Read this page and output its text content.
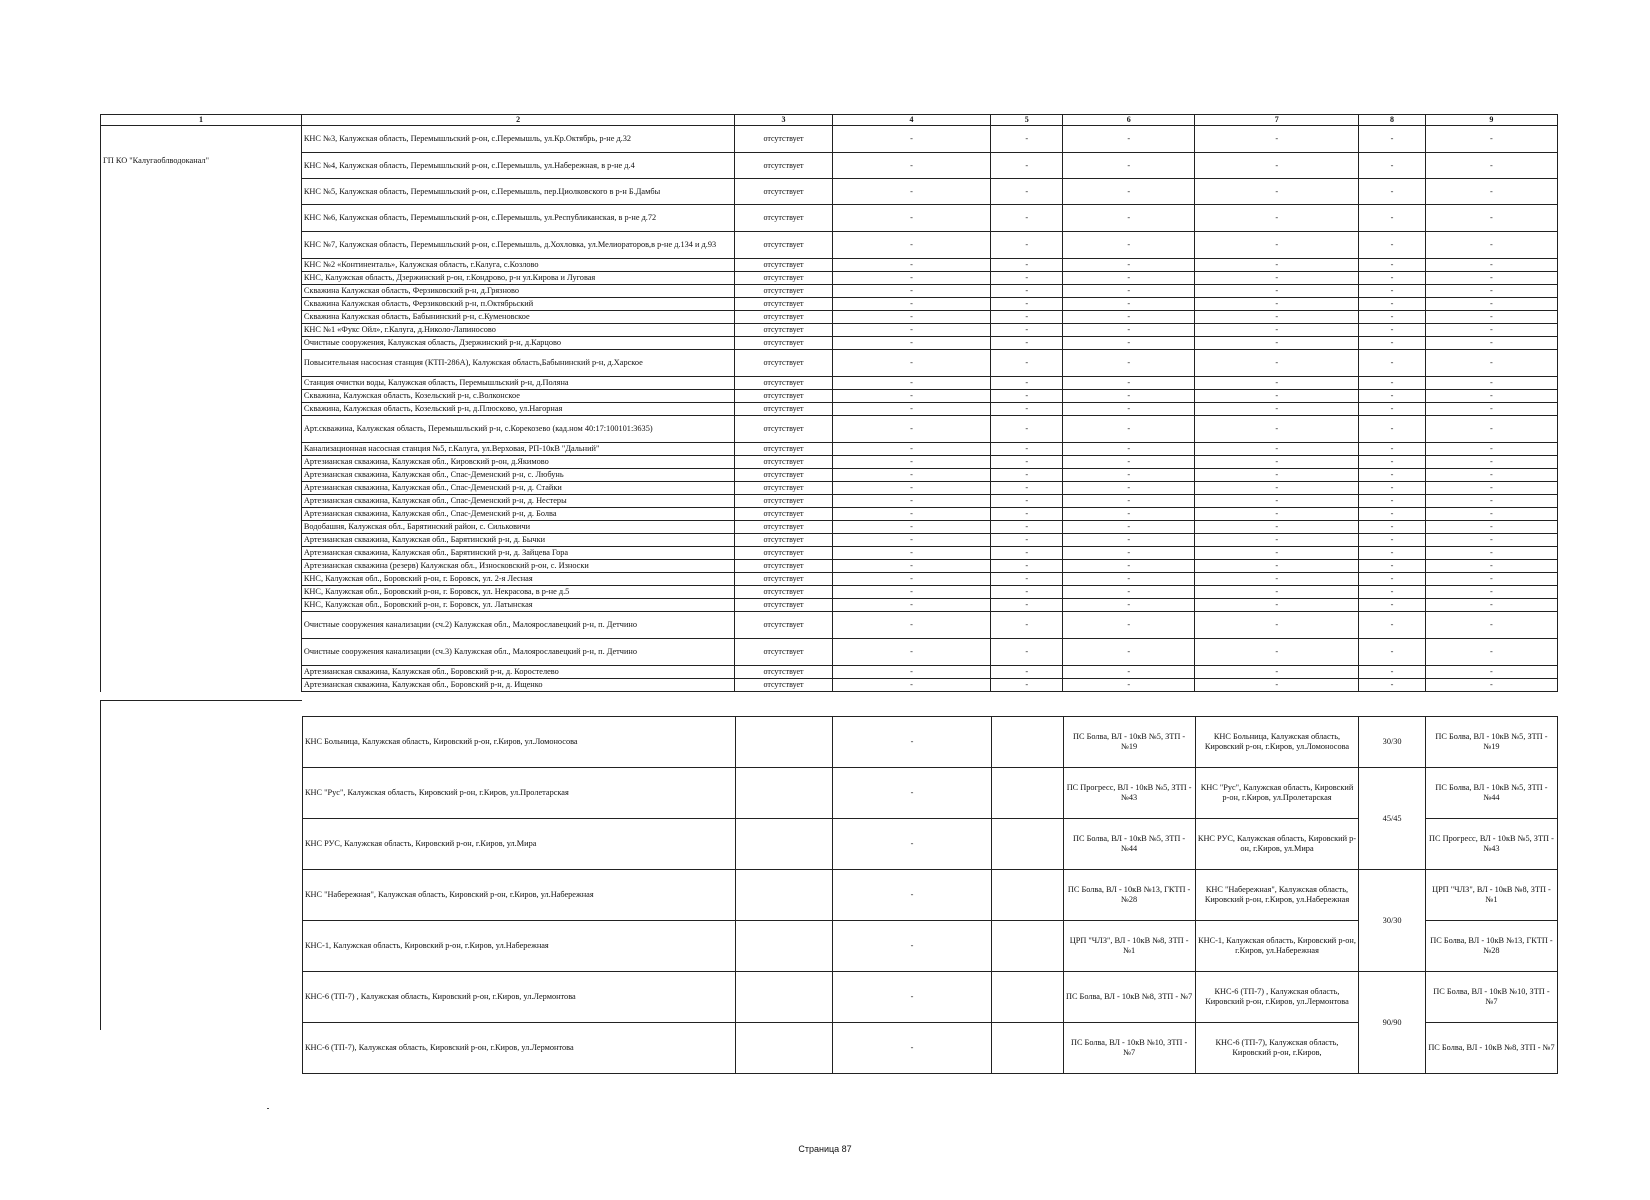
1	2	3	4	5	6	7	8	9

ГП КО "Калугаоблводоканал"	КНС №3, Калужская область, Перемышльский р-он, с.Перемышль, ул.Кр.Октябрь, р-не д.32	отсутствует	-	-	-	-	-	-
	КНС №4, Калужская область, Перемышльский р-он, с.Перемышль, ул.Набережная, в р-не д.4	отсутствует	-	-	-	-	-	-
	КНС №5, Калужская область, Перемышльский р-он, с.Перемышль, пер.Циолковского в р-н Б.Дамбы	отсутствует	-	-	-	-	-	-
	КНС №6, Калужская область, Перемышльский р-он, с.Перемышль, ул.Республиканская, в р-не д.72	отсутствует	-	-	-	-	-	-
	КНС №7, Калужская область, Перемышльский р-он, с.Перемышль, д.Хохловка, ул.Мелиораторов,в р-не д.134 и д.93	отсутствует	-	-	-	-	-	-
	КНС №2 «Континенталь», Калужская область, г.Калуга, с.Козлово	отсутствует	-	-	-	-	-	-
	КНС, Калужская область, Дзержинский р-он, г.Кондрово, р-н ул.Кирова и Луговая	отсутствует	-	-	-	-	-	-
	Скважина Калужская область, Ферзиковский р-н, д.Грязново	отсутствует	-	-	-	-	-	-
	Скважина Калужская область, Ферзиковский р-н, п.Октябрьский	отсутствует	-	-	-	-	-	-
	Скважина Калужская область, Бабынинский р-н, с.Куменовское	отсутствует	-	-	-	-	-	-
	КНС №1 «Фукс Ойл», г.Калуга, д.Николо-Лапиносово	отсутствует	-	-	-	-	-	-
	Очистные сооружения, Калужская область, Дзержинский р-н, д.Карцово	отсутствует	-	-	-	-	-	-
	Повысительная насосная станция (КТП-286А), Калужская область,Бабынинский р-н, д.Харское	отсутствует	-	-	-	-	-	-
	Станция очистки воды, Калужская область, Перемышльский р-н, д.Поляна	отсутствует	-	-	-	-	-	-
	Скважина, Калужская область, Козельский р-н, с.Волконское	отсутствует	-	-	-	-	-	-
	Скважина, Калужская область, Козельский р-н, д.Плюсково, ул.Нагорная	отсутствует	-	-	-	-	-	-
	Арт.скважина, Калужская область, Перемышльский р-н, с.Корекозево (кад.ном 40:17:100101:3635)	отсутствует	-	-	-	-	-	-
	Канализационная насосная станция №5, г.Калуга, ул.Верховая, РП-10кВ "Дальний"	отсутствует	-	-	-	-	-	-
	Артезианская скважина, Калужская обл., Кировский р-он, д.Якимово	отсутствует	-	-	-	-	-	-
	Артезианская скважина, Калужская обл., Спас-Деменский р-н, с. Любунь	отсутствует	-	-	-	-	-	-
	Артезианская скважина, Калужская обл., Спас-Деменский р-н, д. Стайки	отсутствует	-	-	-	-	-	-
	Артезианская скважина, Калужская обл., Спас-Деменский р-н, д. Нестеры	отсутствует	-	-	-	-	-	-
	Артезианская скважина, Калужская обл., Спас-Деменский р-н, д. Болва	отсутствует	-	-	-	-	-	-
	Водобашня, Калужская обл., Барятинский район, с. Сильковичи	отсутствует	-	-	-	-	-	-
	Артезианская скважина, Калужская обл., Барятинский р-н, д. Бычки	отсутствует	-	-	-	-	-	-
	Артезианская скважина, Калужская обл., Барятинский р-н, д. Зайцева Гора	отсутствует	-	-	-	-	-	-
	Артезианская скважина (резерв) Калужская обл., Износковский р-он, с. Износки	отсутствует	-	-	-	-	-	-
	КНС, Калужская обл., Боровский р-он, г. Боровск, ул. 2-я Лесная	отсутствует	-	-	-	-	-	-
	КНС, Калужская обл., Боровский р-он, г. Боровск, ул. Некрасова, в р-не д.5	отсутствует	-	-	-	-	-	-
	КНС, Калужская обл., Боровский р-он, г. Боровск, ул. Латынская	отсутствует	-	-	-	-	-	-
	Очистные сооружения канализации (сч.2) Калужская обл., Малоярославецкий р-н, п. Детчино	отсутствует	-	-	-	-	-	-
	Очистные сооружения канализации (сч.3) Калужская обл., Малоярославецкий р-н, п. Детчино	отсутствует	-	-	-	-	-	-
	Артезианская скважина, Калужская обл., Боровский р-н, д. Коростелево	отсутствует	-	-	-	-	-	-
	Артезианская скважина, Калужская обл., Боровский р-н, д. Ищенко	отсутствует	-	-	-	-	-	-
КНС Больница, Калужская область, Кировский р-он, г.Киров, ул.Ломоносова		-		ПС Болва, ВЛ - 10кВ №5, ЗТП - №19	КНС Больница, Калужская область, Кировский р-он, г.Киров, ул.Ломоносова	30/30	ПС Болва, ВЛ - 10кВ №5, ЗТП - №19
КНС "Рус", Калужская область, Кировский р-он, г.Киров, ул.Пролетарская		-		ПС Прогресс, ВЛ - 10кВ №5, ЗТП - №43	КНС "Рус", Калужская область, Кировский р-он, г.Киров, ул.Пролетарская	45/45	ПС Болва, ВЛ - 10кВ №5, ЗТП - №44
КНС РУС, Калужская область, Кировский р-он, г.Киров, ул.Мира		-		ПС Болва, ВЛ - 10кВ №5, ЗТП - №44	КНС РУС, Калужская область, Кировский р-он, г.Киров, ул.Мира		ПС Прогресс, ВЛ - 10кВ №5, ЗТП - №43
КНС "Набережная", Калужская область, Кировский р-он, г.Киров, ул.Набережная		-		ПС Болва, ВЛ - 10кВ №13, ГКТП - №28	КНС "Набережная", Калужская область, Кировский р-он, г.Киров, ул.Набережная	30/30	ЦРП "ЧЛЗ", ВЛ - 10кВ №8, ЗТП - №1
КНС-1, Калужская область, Кировский р-он, г.Киров, ул.Набережная		-		ЦРП "ЧЛЗ", ВЛ - 10кВ №8, ЗТП - №1	КНС-1, Калужская область, Кировский р-он, г.Киров, ул.Набережная		ПС Болва, ВЛ - 10кВ №13, ГКТП - №28
КНС-6 (ТП-7) , Калужская область, Кировский р-он, г.Киров, ул.Лермонтова		-		ПС Болва, ВЛ - 10кВ №8, ЗТП - №7	КНС-6 (ТП-7) , Калужская область, Кировский р-он, г.Киров, ул.Лермонтова	90/90	ПС Болва, ВЛ - 10кВ №10, ЗТП - №7
КНС-6 (ТП-7), Калужская область, Кировский р-он, г.Киров, ул.Лермонтова		-		ПС Болва, ВЛ - 10кВ №10, ЗТП - №7	КНС-6 (ТП-7), Калужская область, Кировский р-он, г.Киров,		ПС Болва, ВЛ - 10кВ №8, ЗТП - №7
Страница 87
